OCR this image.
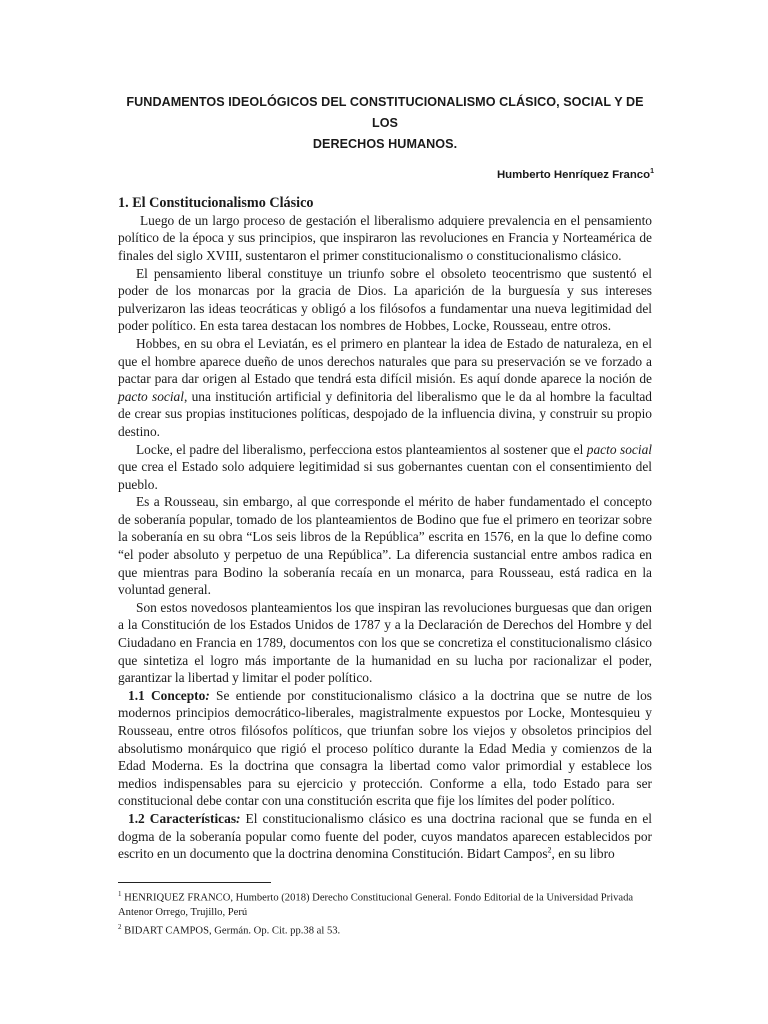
FUNDAMENTOS IDEOLÓGICOS DEL CONSTITUCIONALISMO CLÁSICO, SOCIAL Y DE LOS
DERECHOS HUMANOS.
Humberto Henríquez Franco$^1$
1. El Constitucionalismo Clásico

Luego de un largo proceso de gestación el liberalismo adquiere prevalencia en el pensamiento político de la época y sus principios, que inspiraron las revoluciones en Francia y Norteamérica de finales del siglo XVIII, sustentaron el primer constitucionalismo o constitucionalismo clásico.

El pensamiento liberal constituye un triunfo sobre el obsoleto teocentrismo que sustentó el poder de los monarcas por la gracia de Dios. La aparición de la burguesía y sus intereses pulverizaron las ideas teocráticas y obligó a los filósofos a fundamentar una nueva legitimidad del poder político. En esta tarea destacan los nombres de Hobbes, Locke, Rousseau, entre otros.

Hobbes, en su obra el Leviatán, es el primero en plantear la idea de Estado de naturaleza, en el que el hombre aparece dueño de unos derechos naturales que para su preservación se ve forzado a pactar para dar origen al Estado que tendrá esta difícil misión. Es aquí donde aparece la noción de pacto social, una institución artificial y definitoria del liberalismo que le da al hombre la facultad de crear sus propias instituciones políticas, despojado de la influencia divina, y construir su propio destino.

Locke, el padre del liberalismo, perfecciona estos planteamientos al sostener que el pacto social que crea el Estado solo adquiere legitimidad si sus gobernantes cuentan con el consentimiento del pueblo.

Es a Rousseau, sin embargo, al que corresponde el mérito de haber fundamentado el concepto de soberanía popular, tomado de los planteamientos de Bodino que fue el primero en teorizar sobre la soberanía en su obra “Los seis libros de la República” escrita en 1576, en la que lo define como “el poder absoluto y perpetuo de una República”. La diferencia sustancial entre ambos radica en que mientras para Bodino la soberanía recaía en un monarca, para Rousseau, está radica en la voluntad general.

Son estos novedosos planteamientos los que inspiran las revoluciones burguesas que dan origen a la Constitución de los Estados Unidos de 1787 y a la Declaración de Derechos del Hombre y del Ciudadano en Francia en 1789, documentos con los que se concretiza el constitucionalismo clásico que sintetiza el logro más importante de la humanidad en su lucha por racionalizar el poder, garantizar la libertad y limitar el poder político.

1.1 Concepto: Se entiende por constitucionalismo clásico a la doctrina que se nutre de los modernos principios democrático-liberales, magistralmente expuestos por Locke, Montesquieu y Rousseau, entre otros filósofos políticos, que triunfan sobre los viejos y obsoletos principios del absolutismo monárquico que rigió el proceso político durante la Edad Media y comienzos de la Edad Moderna. Es la doctrina que consagra la libertad como valor primordial y establece los medios indispensables para su ejercicio y protección. Conforme a ella, todo Estado para ser constitucional debe contar con una constitución escrita que fije los límites del poder político.

1.2 Características: El constitucionalismo clásico es una doctrina racional que se funda en el dogma de la soberanía popular como fuente del poder, cuyos mandatos aparecen establecidos por escrito en un documento que la doctrina denomina Constitución. Bidart Campos$^2$, en su libro

$^1$ HENRIQUEZ FRANCO, Humberto (2018) Derecho Constitucional General. Fondo Editorial de la Universidad Privada Antenor Orrego, Trujillo, Perú
$^2$ BIDART CAMPOS, Germán. Op. Cit. pp.38 al 53.
